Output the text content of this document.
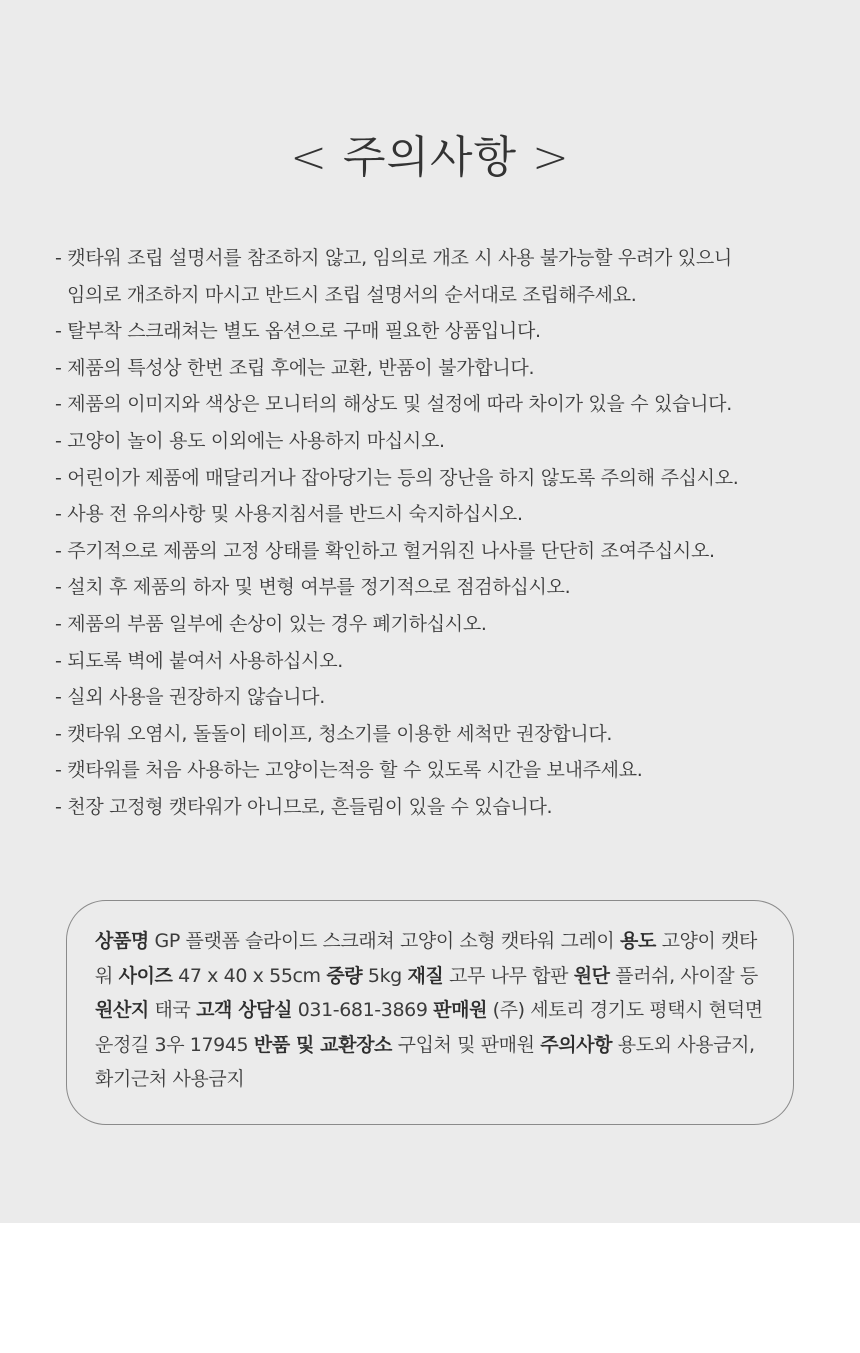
< 주의사항 >
- 캣타워 조립 설명서를 참조하지 않고, 임의로 개조 시 사용 불가능할 우려가 있으니
임의로 개조하지 마시고 반드시 조립 설명서의 순서대로 조립해주세요.
- 탈부착 스크래쳐는 별도 옵션으로 구매 필요한 상품입니다.
- 제품의 특성상 한번 조립 후에는 교환, 반품이 불가합니다.
- 제품의 이미지와 색상은 모니터의 해상도 및 설정에 따라 차이가 있을 수 있습니다.
- 고양이 놀이 용도 이외에는 사용하지 마십시오.
- 어린이가 제품에 매달리거나 잡아당기는 등의 장난을 하지 않도록 주의해 주십시오.
- 사용 전 유의사항 및 사용지침서를 반드시 숙지하십시오.
- 주기적으로 제품의 고정 상태를 확인하고 헐거워진 나사를 단단히 조여주십시오.
- 설치 후 제품의 하자 및 변형 여부를 정기적으로 점검하십시오.
- 제품의 부품 일부에 손상이 있는 경우 폐기하십시오.
- 되도록 벽에 붙여서 사용하십시오.
- 실외 사용을 권장하지 않습니다.
- 캣타워 오염시, 돌돌이 테이프, 청소기를 이용한 세척만 권장합니다.
- 캣타워를 처음 사용하는 고양이는적응 할 수 있도록 시간을 보내주세요.
- 천장 고정형 캣타워가 아니므로, 흔들림이 있을 수 있습니다.
상품명 GP 플랫폼 슬라이드 스크래쳐 고양이 소형 캣타워 그레이 용도 고양이 캣타워 사이즈 47 x 40 x 55cm 중량 5kg 재질 고무 나무 합판 원단 플러쉬, 사이잘 등 원산지 태국 고객 상담실 031-681-3869 판매원 (주) 세토리 경기도 평택시 현덕면 운정길 3우 17945 반품 및 교환장소 구입처 및 판매원 주의사항 용도외 사용금지, 화기근처 사용금지
